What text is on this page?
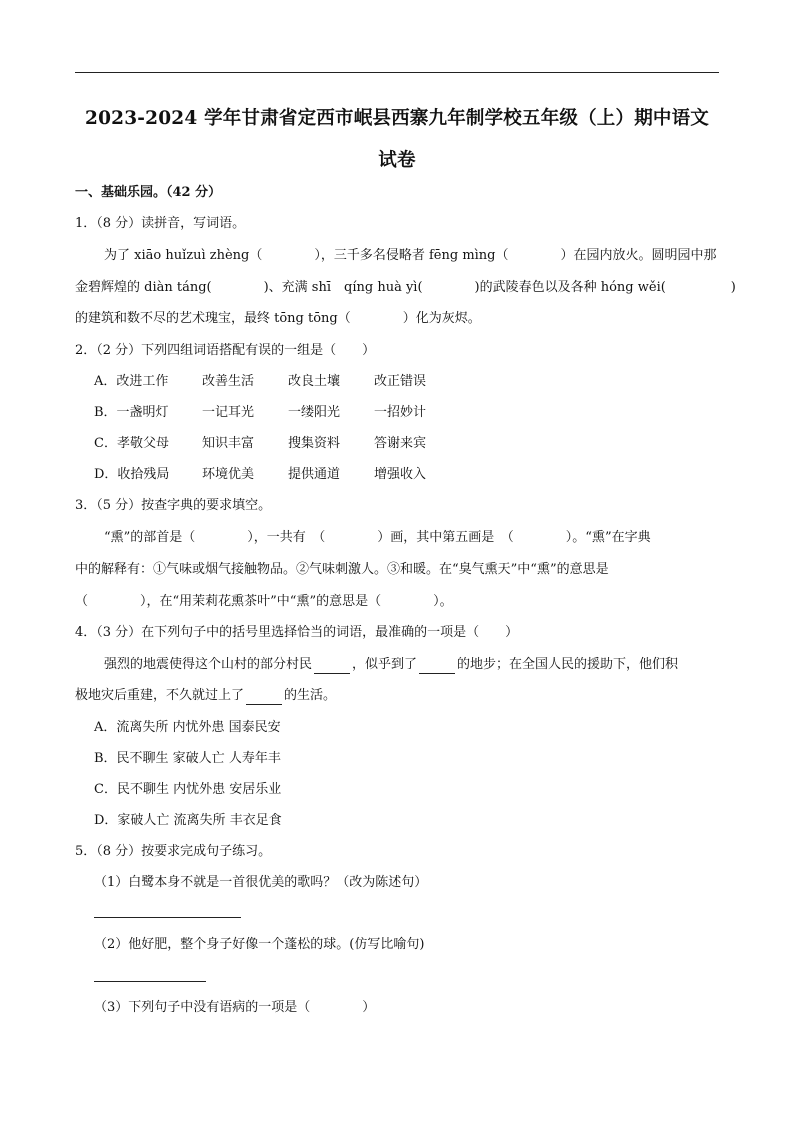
2023-2024 学年甘肃省定西市岷县西寨九年制学校五年级（上）期中语文
试卷
一、基础乐园。（42 分）
1．（8 分）读拼音，写词语。
为了 xiāo huǐzuì zhèng（　　　　），三千多名侵略者 fēng mìng（　　　　）在园内放火。圆明园中那
金碧辉煌的 diàn táng(　　　　)、充满 shī　qíng huà yì(　　　　)的武陵春色以及各种 hóng wěi(　　　　　)
的建筑和数不尽的艺术瑰宝，最终 tōng tōng（　　　　）化为灰烬。
2．（2 分）下列四组词语搭配有误的一组是（　　）
A．改进工作	改善生活	改良土壤	改正错误
B．一盏明灯	一记耳光	一缕阳光	一招妙计
C．孝敬父母	知识丰富	搜集资料	答谢来宾
D．收拾残局	环境优美	提供通道	增强收入
3．（5 分）按查字典的要求填空。
“熏”的部首是（　　　　），一共有　（　　　　）画，其中第五画是　（　　　　）。“熏”在字典
中的解释有：①气味或烟气接触物品。②气味刺激人。③和暖。在“臭气熏天”中“熏”的意思是
（　　　　），在“用茉莉花熏茶叶”中“熏”的意思是（　　　　）。
4．（3 分）在下列句子中的括号里选择恰当的词语，最准确的一项是（　　）
强烈的地震使得这个山村的部分村民	，似乎到了	的地步；在全国人民的援助下，他们积
极地灾后重建，不久就过上了	的生活。
A．流离失所 内忧外患 国泰民安
B．民不聊生 家破人亡 人寿年丰
C．民不聊生 内忧外患 安居乐业
D．家破人亡 流离失所 丰衣足食
5．（8 分）按要求完成句子练习。
（1）白鹭本身不就是一首很优美的歌吗？（改为陈述句）
（2）他好肥，整个身子好像一个蓬松的球。(仿写比喻句)
（3）下列句子中没有语病的一项是（　　　　）
